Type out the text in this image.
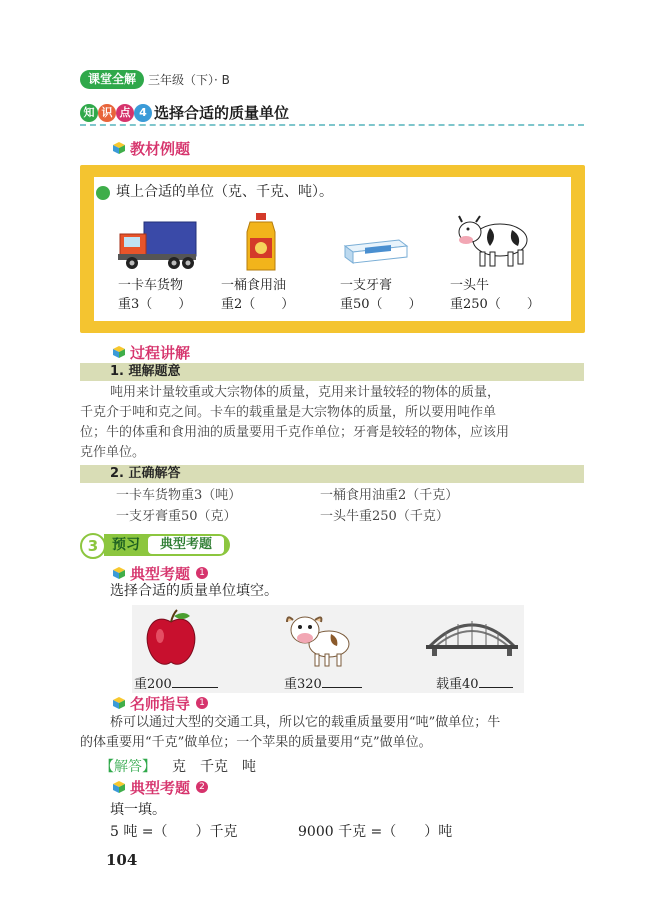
课堂全解	三年级（下）· B
知 识 点 4 选择合适的质量单位
教材例题
填上合适的单位（克、千克、吨）。
一卡车货物
重3（　　）
一桶食用油
重2（　　）
一支牙膏
重50（　　）
一头牛
重250（　　）
过程讲解
1. 理解题意
吨用来计量较重或大宗物体的质量，克用来计量较轻的物体的质量，
千克介于吨和克之间。卡车的载重量是大宗物体的质量，所以要用吨作单
位；牛的体重和食用油的质量要用千克作单位；牙膏是较轻的物体，应该用
克作单位。
2. 正确解答
一卡车货物重3（吨）	一桶食用油重2（千克）
一支牙膏重50（克）	一头牛重250（千克）
3 预习	典型考题
典型考题	1
选择合适的质量单位填空。
重200	重320	载重40
名师指导	1
桥可以通过大型的交通工具，所以它的载重质量要用“吨”做单位；牛
的体重要用“千克”做单位；一个苹果的质量要用“克”做单位。
【解答】 克　千克　吨
典型考题	2
填一填。
5 吨 =（　　）千克	9000 千克 =（　　）吨
104
